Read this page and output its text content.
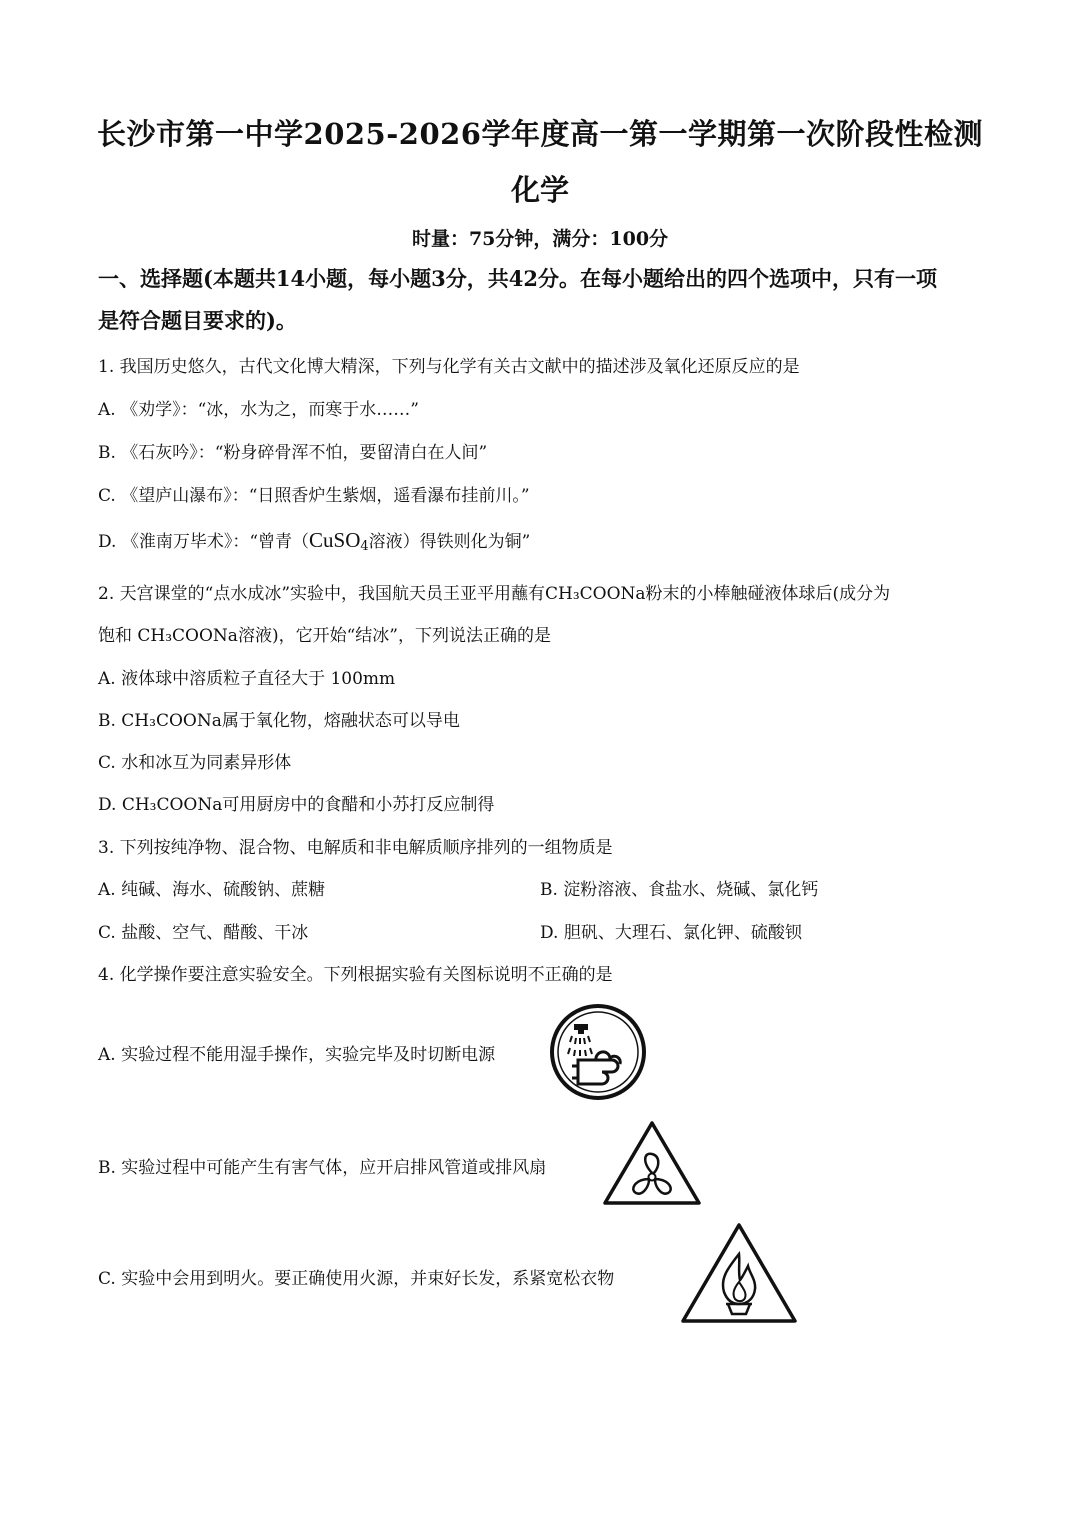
长沙市第一中学2025-2026学年度高一第一学期第一次阶段性检测
化学
时量：75分钟，满分：100分
一、选择题(本题共14小题，每小题3分，共42分。在每小题给出的四个选项中，只有一项
是符合题目要求的)。
1. 我国历史悠久，古代文化博大精深，下列与化学有关古文献中的描述涉及氧化还原反应的是
A. 《劝学》：“冰，水为之，而寒于水……”
B. 《石灰吟》：“粉身碎骨浑不怕，要留清白在人间”
C. 《望庐山瀑布》：“日照香炉生紫烟，遥看瀑布挂前川。”
D. 《淮南万毕术》：“曾青（CuSO$_4$溶液）得铁则化为铜”
2. 天宫课堂的“点水成冰”实验中，我国航天员王亚平用蘸有CH₃COONa粉末的小棒触碰液体球后(成分为
饱和 CH₃COONa溶液)，它开始“结冰”，下列说法正确的是
A. 液体球中溶质粒子直径大于 100mm
B. CH₃COONa属于氧化物，熔融状态可以导电
C. 水和冰互为同素异形体
D. CH₃COONa可用厨房中的食醋和小苏打反应制得
3. 下列按纯净物、混合物、电解质和非电解质顺序排列的一组物质是
A. 纯碱、海水、硫酸钠、蔗糖	B. 淀粉溶液、食盐水、烧碱、氯化钙
C. 盐酸、空气、醋酸、干冰	D. 胆矾、大理石、氯化钾、硫酸钡
4. 化学操作要注意实验安全。下列根据实验有关图标说明不正确的是
A. 实验过程不能用湿手操作，实验完毕及时切断电源
B. 实验过程中可能产生有害气体，应开启排风管道或排风扇
C. 实验中会用到明火。要正确使用火源，并束好长发，系紧宽松衣物
